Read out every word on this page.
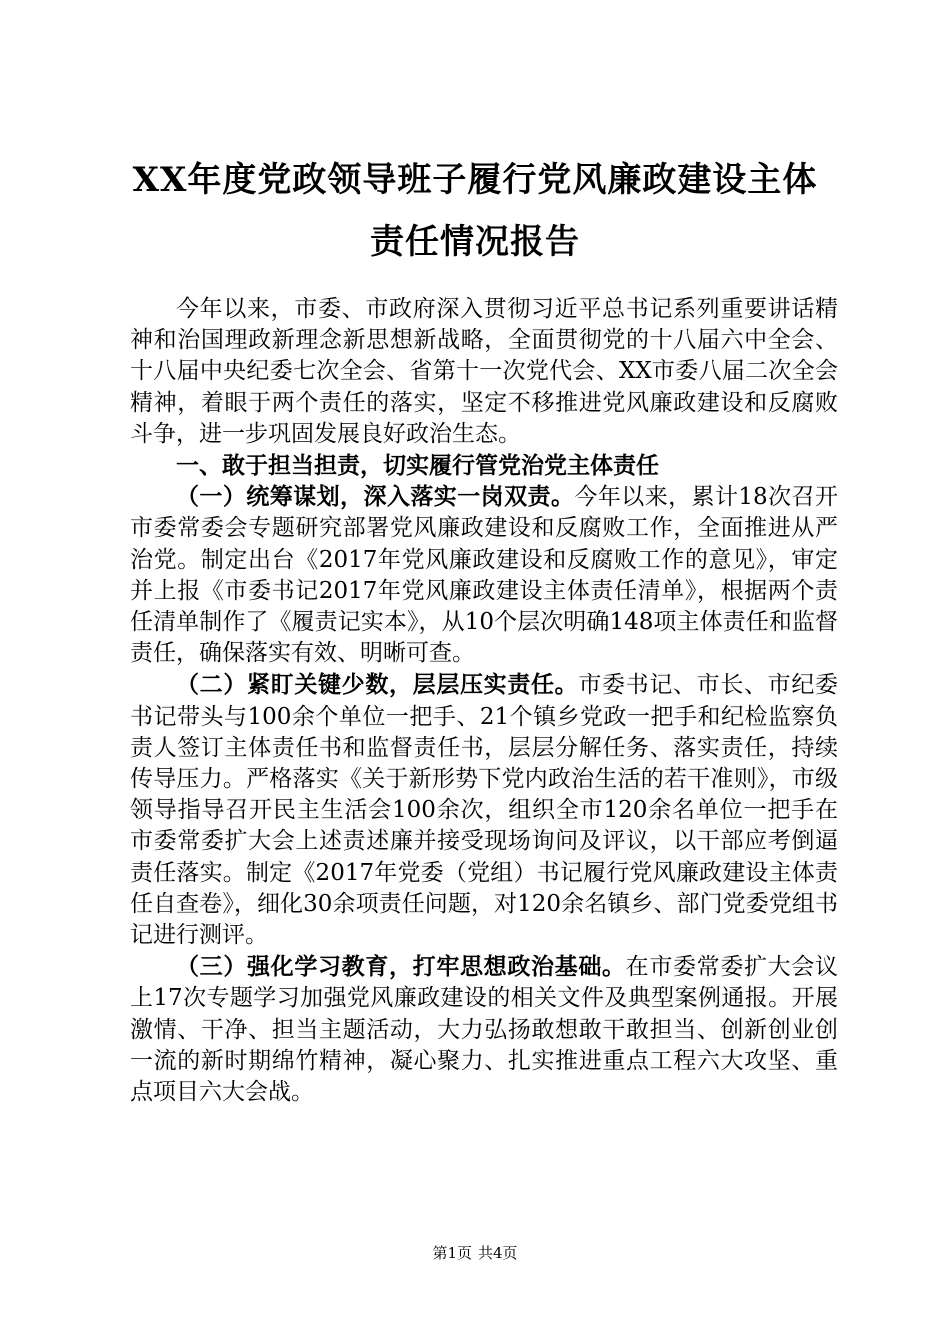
XX年度党政领导班子履行党风廉政建设主体
责任情况报告

今年以来，市委、市政府深入贯彻习近平总书记系列重要讲话精神和治国理政新理念新思想新战略，全面贯彻党的十八届六中全会、十八届中央纪委七次全会、省第十一次党代会、XX市委八届二次全会精神，着眼于两个责任的落实，坚定不移推进党风廉政建设和反腐败斗争，进一步巩固发展良好政治生态。

一、敢于担当担责，切实履行管党治党主体责任

（一）统筹谋划，深入落实一岗双责。今年以来，累计18次召开市委常委会专题研究部署党风廉政建设和反腐败工作，全面推进从严治党。制定出台《2017年党风廉政建设和反腐败工作的意见》，审定并上报《市委书记2017年党风廉政建设主体责任清单》，根据两个责任清单制作了《履责记实本》，从10个层次明确148项主体责任和监督责任，确保落实有效、明晰可查。

（二）紧盯关键少数，层层压实责任。市委书记、市长、市纪委书记带头与100余个单位一把手、21个镇乡党政一把手和纪检监察负责人签订主体责任书和监督责任书，层层分解任务、落实责任，持续传导压力。严格落实《关于新形势下党内政治生活的若干准则》，市级领导指导召开民主生活会100余次，组织全市120余名单位一把手在市委常委扩大会上述责述廉并接受现场询问及评议，以干部应考倒逼责任落实。制定《2017年党委（党组）书记履行党风廉政建设主体责任自查卷》，细化30余项责任问题，对120余名镇乡、部门党委党组书记进行测评。

（三）强化学习教育，打牢思想政治基础。在市委常委扩大会议上17次专题学习加强党风廉政建设的相关文件及典型案例通报。开展激情、干净、担当主题活动，大力弘扬敢想敢干敢担当、创新创业创一流的新时期绵竹精神，凝心聚力、扎实推进重点工程六大攻坚、重点项目六大会战。

第1页 共4页
